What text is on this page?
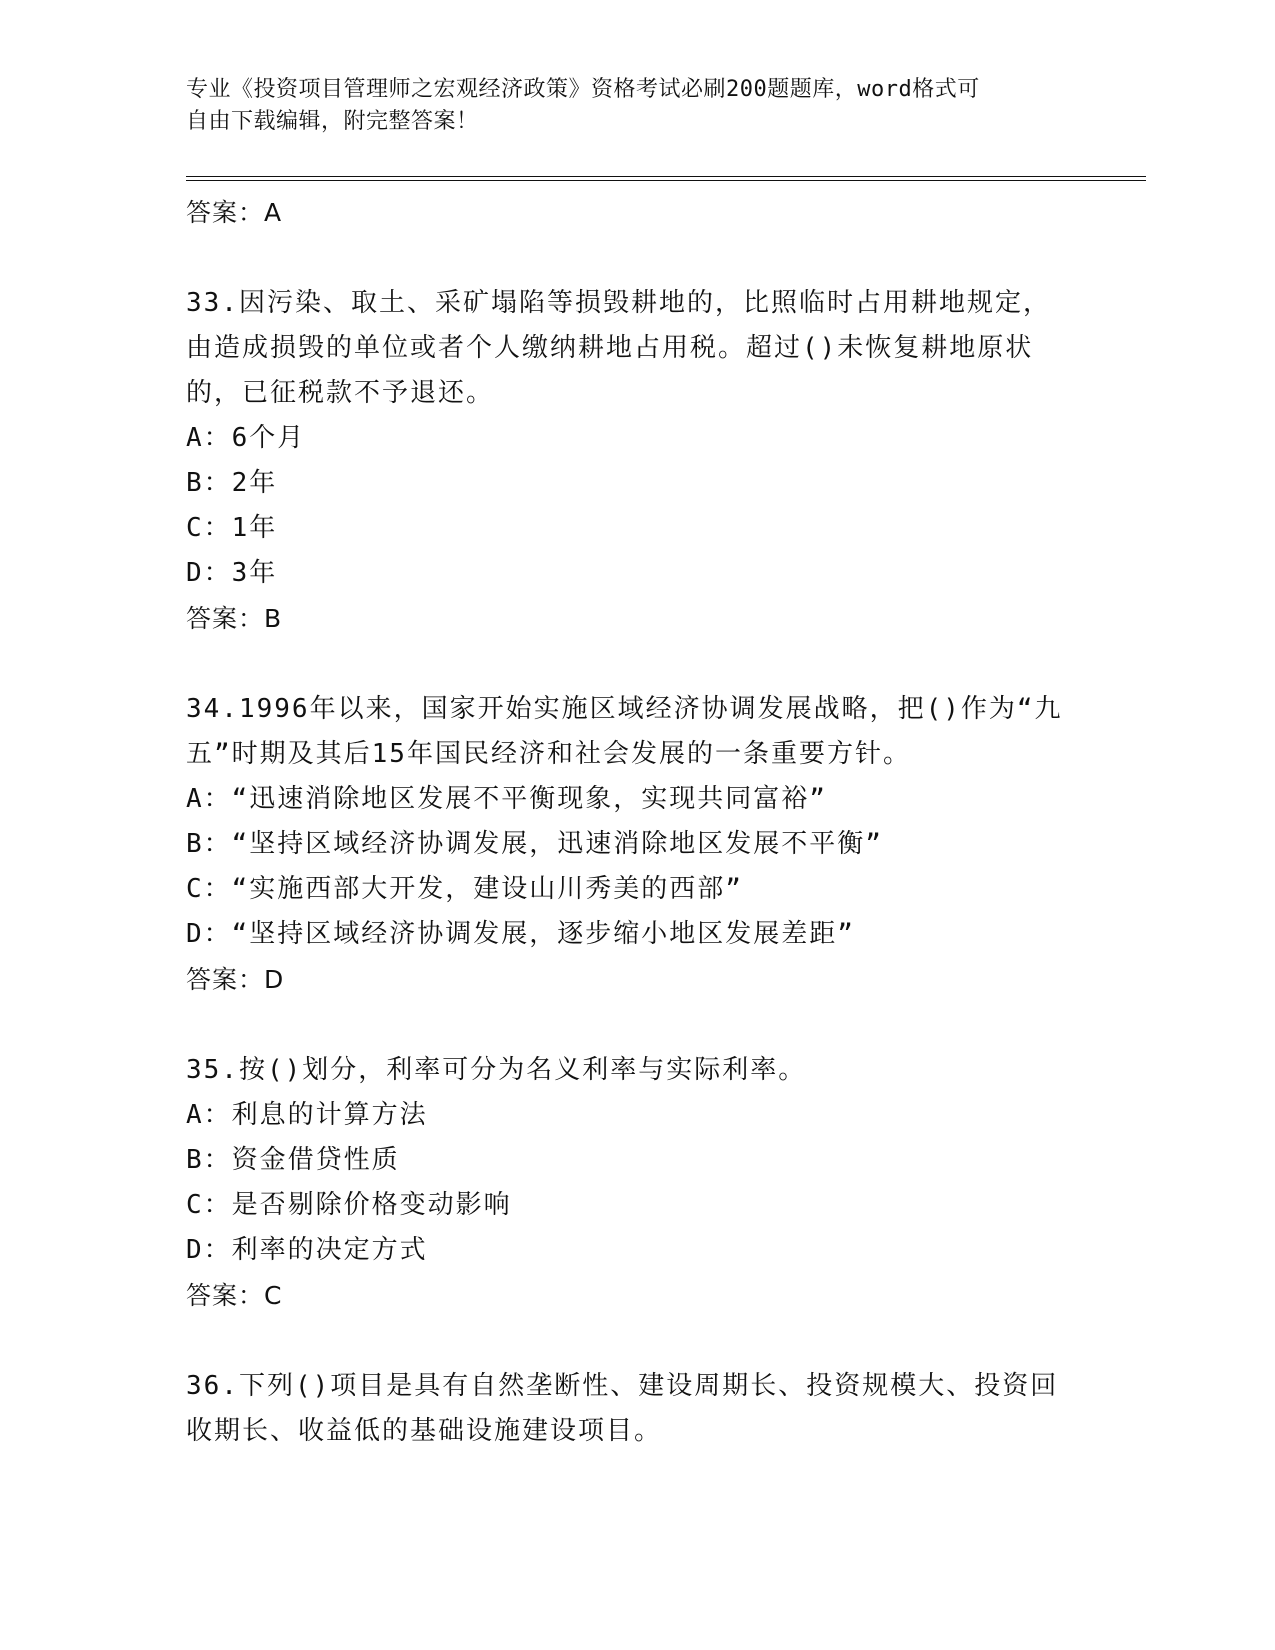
专业《投资项目管理师之宏观经济政策》资格考试必刷200题题库，word格式可
自由下载编辑，附完整答案！
答案：A
33.因污染、取土、采矿塌陷等损毁耕地的，比照临时占用耕地规定，
由造成损毁的单位或者个人缴纳耕地占用税。超过()未恢复耕地原状
的，已征税款不予退还。
A：6个月
B：2年
C：1年
D：3年
答案：B
34.1996年以来，国家开始实施区域经济协调发展战略，把()作为“九
五”时期及其后15年国民经济和社会发展的一条重要方针。
A：“迅速消除地区发展不平衡现象，实现共同富裕”
B：“坚持区域经济协调发展，迅速消除地区发展不平衡”
C：“实施西部大开发，建设山川秀美的西部”
D：“坚持区域经济协调发展，逐步缩小地区发展差距”
答案：D
35.按()划分，利率可分为名义利率与实际利率。
A：利息的计算方法
B：资金借贷性质
C：是否剔除价格变动影响
D：利率的决定方式
答案：C
36.下列()项目是具有自然垄断性、建设周期长、投资规模大、投资回
收期长、收益低的基础设施建设项目。
